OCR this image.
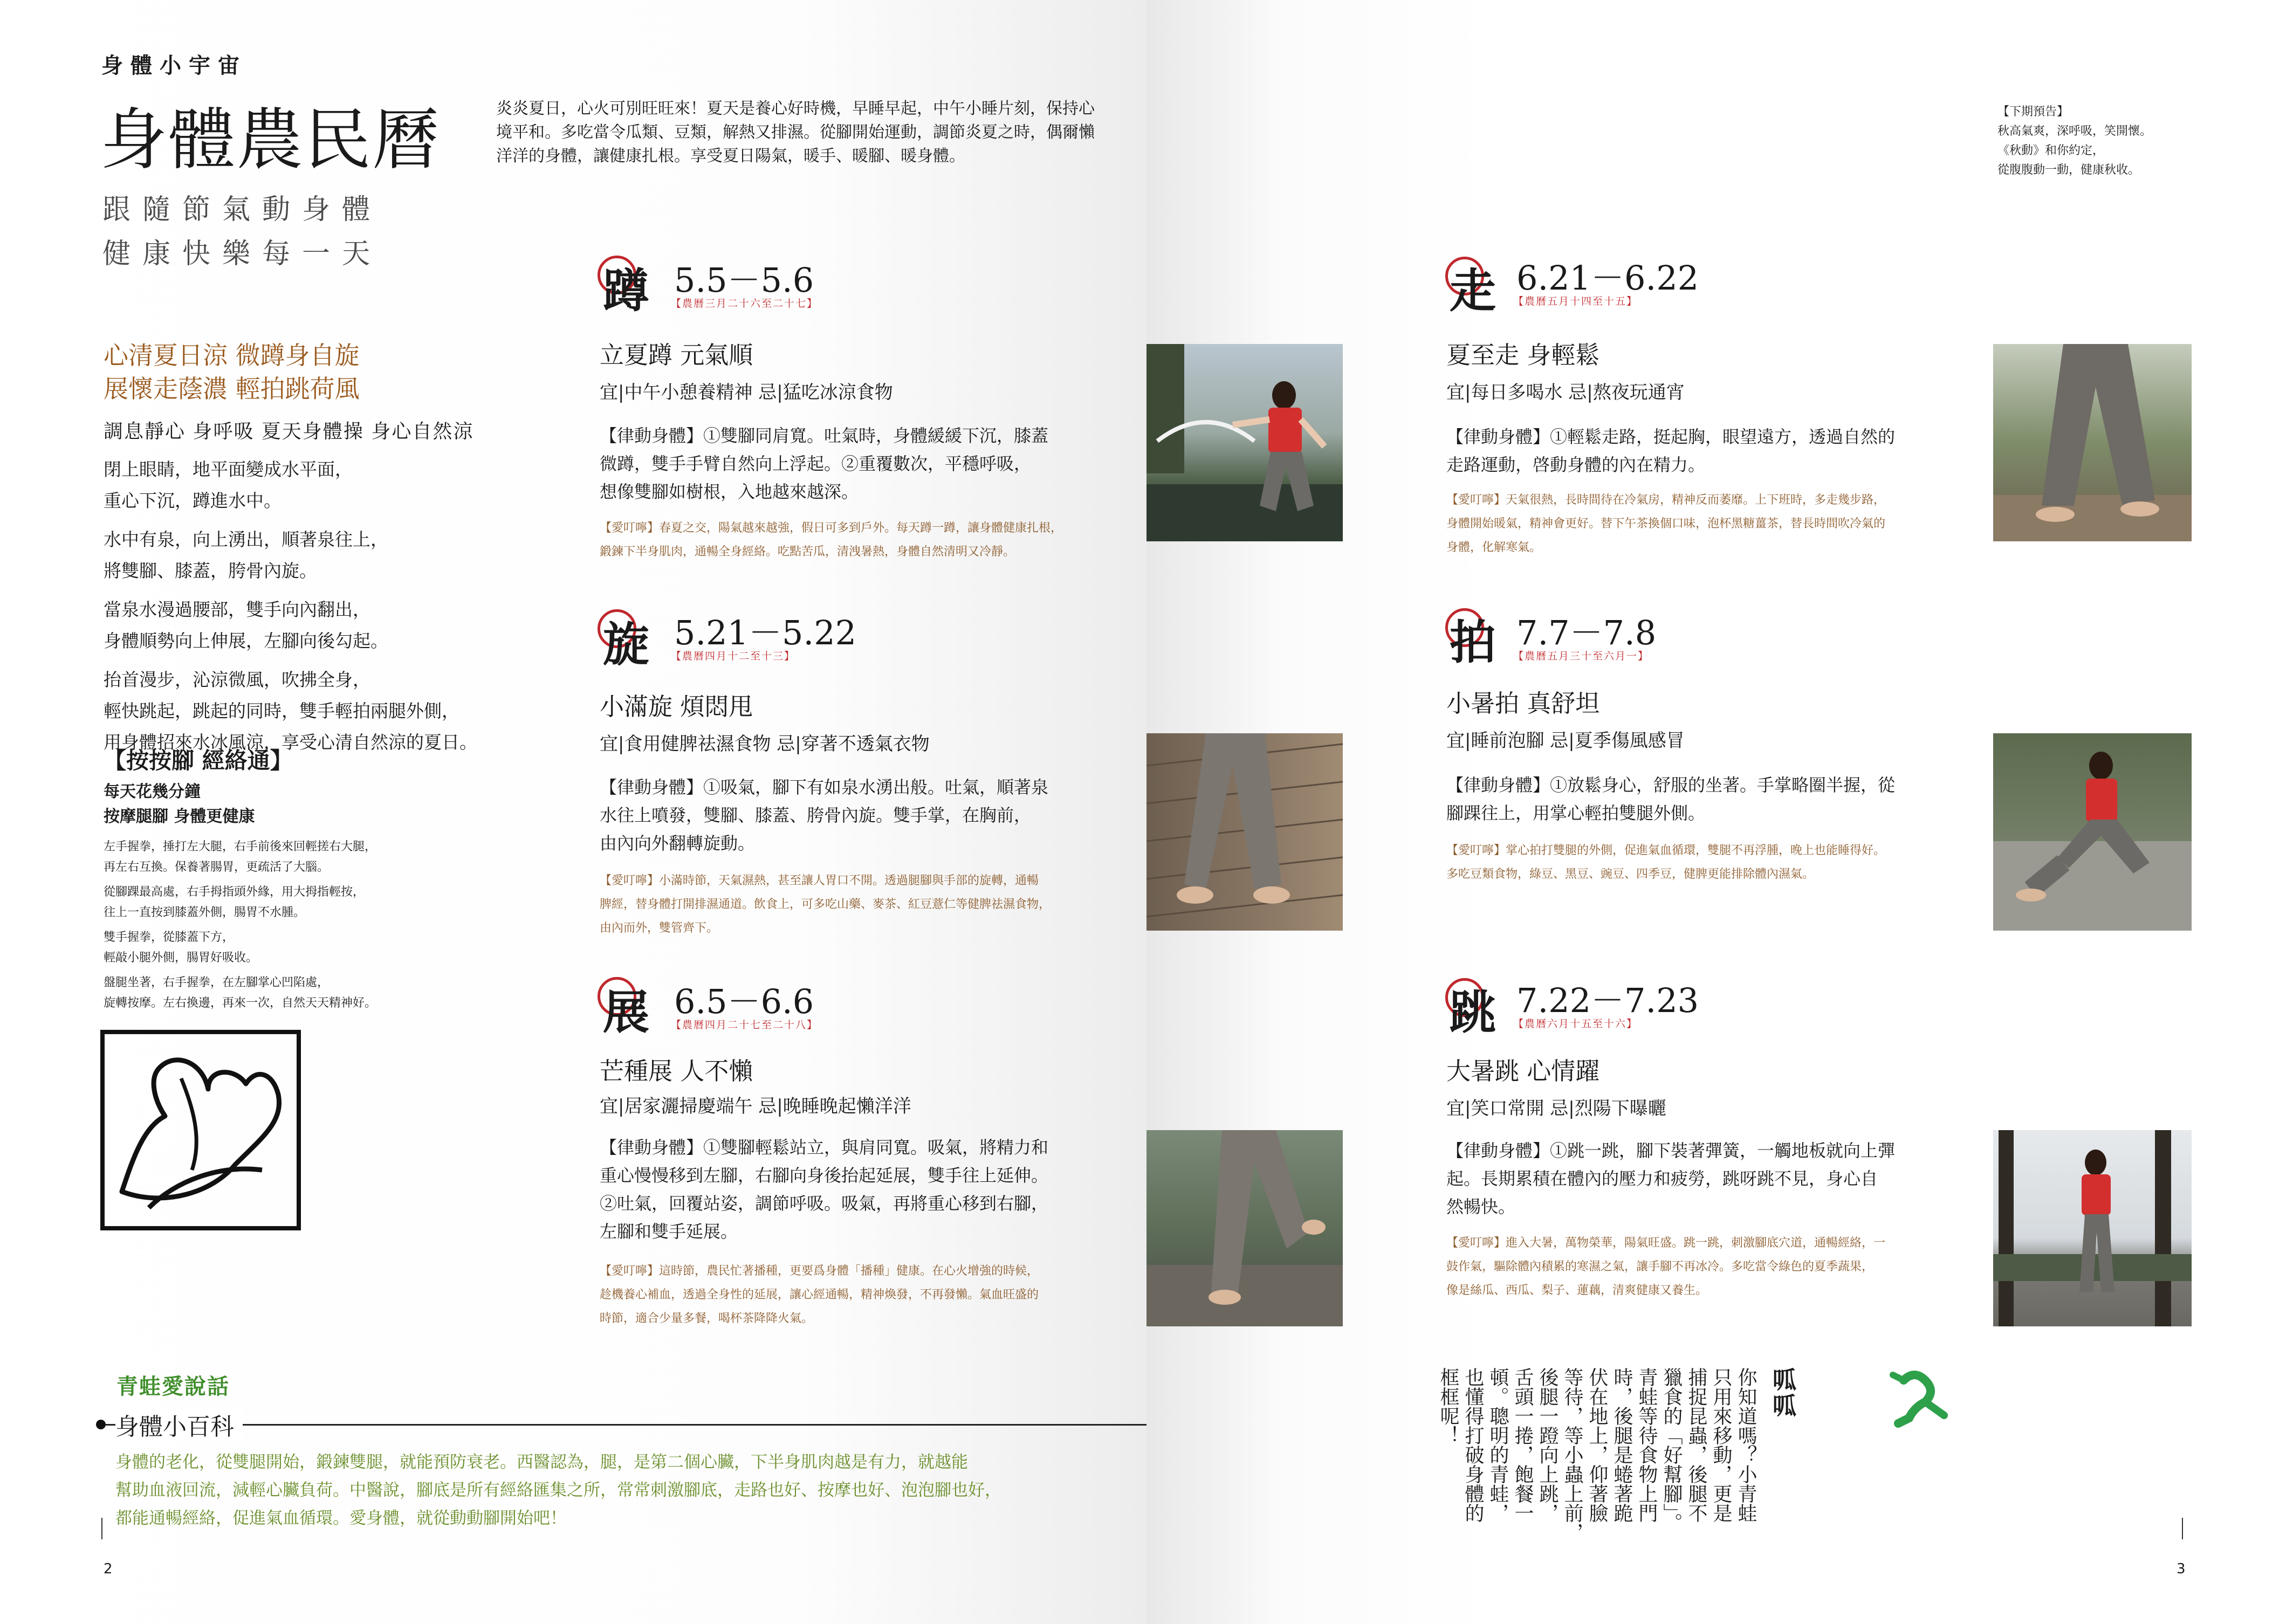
身體小宇宙
身體農民曆	炎炎夏日，心火可別旺旺來！夏天是養心好時機，早睡早起，中午小睡片刻，保持心境平和。多吃當令瓜類、豆類，解熱又排濕。從腳開始運動，調節炎夏之時，偶爾懶洋洋的身體，讓健康扎根。享受夏日陽氣，暖手、暖腳、暖身體。
跟隨節氣動身體
健康快樂每一天
心清夏日涼 微蹲身自旋
展懷走蔭濃 輕拍跳荷風
調息靜心 身呼吸 夏天身體操 身心自然涼
閉上眼睛，地平面變成水平面，
重心下沉，蹲進水中。
水中有泉，向上湧出，順著泉往上，
將雙腳、膝蓋，胯骨內旋。
當泉水漫過腰部，雙手向內翻出，
身體順勢向上伸展，左腳向後勾起。
抬首漫步，沁涼微風，吹拂全身，
輕快跳起，跳起的同時，雙手輕拍兩腿外側，
用身體招來水冰風涼，享受心清自然涼的夏日。
【按按腳 經絡通】
每天花幾分鐘
按摩腿腳 身體更健康
左手握拳，捶打左大腿，右手前後來回輕搓右大腿，
再左右互換。保養著腸胃，更疏活了大腦。
從腳踝最高處，右手拇指頭外緣，用大拇指輕按，
往上一直按到膝蓋外側，腸胃不水腫。
雙手握拳，從膝蓋下方，
輕敲小腿外側，腸胃好吸收。
盤腿坐著，右手握拳，在左腳掌心凹陷處，
旋轉按摩。左右換邊，再來一次，自然天天精神好。
青蛙愛說話
身體小百科
身體的老化，從雙腿開始，鍛鍊雙腿，就能預防衰老。西醫認為，腿，是第二個心臟，下半身肌肉越是有力，就越能
幫助血液回流，減輕心臟負荷。中醫說，腳底是所有經絡匯集之所，常常刺激腳底，走路也好、按摩也好、泡泡腳也好，
都能通暢經絡，促進氣血循環。愛身體，就從動動腳開始吧！
2
蹲 5.5－5.6
【農曆三月二十六至二十七】
立夏蹲 元氣順
宜|中午小憩養精神 忌|猛吃冰涼食物
【律動身體】①雙腳同肩寬。吐氣時，身體緩緩下沉，膝蓋
微蹲，雙手手臂自然向上浮起。②重覆數次，平穩呼吸，
想像雙腳如樹根，入地越來越深。
【愛叮嚀】春夏之交，陽氣越來越強，假日可多到戶外。每天蹲一蹲，讓身體健康扎根，
鍛鍊下半身肌肉，通暢全身經絡。吃點苦瓜，清洩暑熱，身體自然清明又冷靜。
旋 5.21－5.22
【農曆四月十二至十三】
小滿旋 煩悶甩
宜|食用健脾祛濕食物 忌|穿著不透氣衣物
【律動身體】①吸氣，腳下有如泉水湧出般。吐氣，順著泉
水往上噴發，雙腳、膝蓋、胯骨內旋。雙手掌，在胸前，
由內向外翻轉旋動。
【愛叮嚀】小滿時節，天氣濕熱，甚至讓人胃口不開。透過腿腳與手部的旋轉，通暢
脾經，替身體打開排濕通道。飲食上，可多吃山藥、麥茶、紅豆薏仁等健脾祛濕食物，
由內而外，雙管齊下。
展 6.5－6.6
【農曆四月二十七至二十八】
芒種展 人不懶
宜|居家灑掃慶端午 忌|晚睡晚起懶洋洋
【律動身體】①雙腳輕鬆站立，與肩同寬。吸氣，將精力和
重心慢慢移到左腳，右腳向身後抬起延展，雙手往上延伸。
②吐氣，回覆站姿，調節呼吸。吸氣，再將重心移到右腳，
左腳和雙手延展。
【愛叮嚀】這時節，農民忙著播種，更要爲身體「播種」健康。在心火增強的時候，
趁機養心補血，透過全身性的延展，讓心經通暢，精神煥發，不再發懶。氣血旺盛的
時節，適合少量多餐，喝杯茶降降火氣。
【下期預告】
秋高氣爽，深呼吸，笑開懷。
《秋動》和你約定，
從腹腹動一動，健康秋收。
走 6.21－6.22
【農曆五月十四至十五】
夏至走 身輕鬆
宜|每日多喝水 忌|熬夜玩通宵
【律動身體】①輕鬆走路，挺起胸，眼望遠方，透過自然的
走路運動，啓動身體的內在精力。
【愛叮嚀】天氣很熱，長時間待在冷氣房，精神反而萎靡。上下班時，多走幾步路，
身體開始暖氣，精神會更好。替下午茶換個口味，泡杯黑糖薑茶，替長時間吹冷氣的
身體，化解寒氣。
拍 7.7－7.8
【農曆五月三十至六月一】
小暑拍 真舒坦
宜|睡前泡腳 忌|夏季傷風感冒
【律動身體】①放鬆身心，舒服的坐著。手掌略圈半握，從
腳踝往上，用掌心輕拍雙腿外側。
【愛叮嚀】掌心拍打雙腿的外側，促進氣血循環，雙腿不再浮腫，晚上也能睡得好。
多吃豆類食物，綠豆、黑豆、豌豆、四季豆，健脾更能排除體內濕氣。
跳 7.22－7.23
【農曆六月十五至十六】
大暑跳 心情躍
宜|笑口常開 忌|烈陽下曝曬
【律動身體】①跳一跳，腳下裝著彈簧，一觸地板就向上彈
起。長期累積在體內的壓力和疲勞，跳呀跳不見，身心自
然暢快。
【愛叮嚀】進入大暑，萬物榮華，陽氣旺盛。跳一跳，刺激腳底穴道，通暢經絡，一
鼓作氣，驅除體內積累的寒濕之氣，讓手腳不再冰冷。多吃當令綠色的夏季蔬果，
像是絲瓜、西瓜、梨子、蓮藕，清爽健康又養生。
呱呱
你知道嗎？小青蛙
只用來移動，更是
捕捉昆蟲，後腿不
獵食的「好幫腳」。
青蛙等待食物上門
時，後腿是蜷著跪
伏在地上，仰著臉
等待，等小蟲上前，
後腿一蹬向上跳，
舌頭一捲，飽餐一
頓。聰明的青蛙，
也懂得打破身體的
框框呢！
3
